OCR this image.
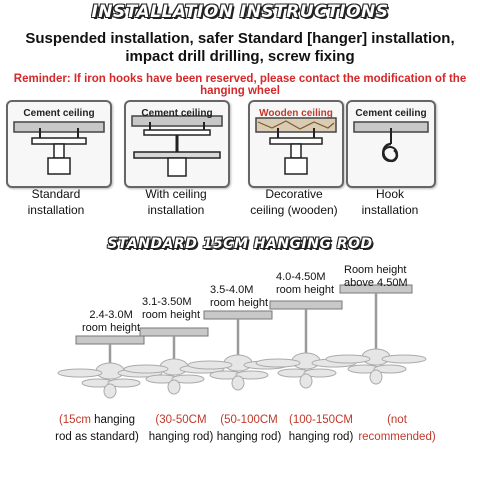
INSTALLATION INSTRUCTIONS
Suspended installation, safer Standard [hanger] installation,
impact drill drilling, screw fixing
Reminder: If iron hooks have been reserved, please contact the modification of the hanging wheel
Cement ceiling	Cement ceiling	Wooden ceiling	Cement ceiling
Standard
installation
With ceiling
installation
Decorative
ceiling (wooden)
Hook
installation
STANDARD 15CM HANGING ROD
2.4-3.0M
room height
3.1-3.50M
room height
3.5-4.0M
room height
4.0-4.50M
room height
Room height
above 4.50M
(15cm hanging
rod as standard)
(30-50CM
hanging rod)
(50-100CM
hanging rod)
(100-150CM
hanging rod)
(not
recommended)
